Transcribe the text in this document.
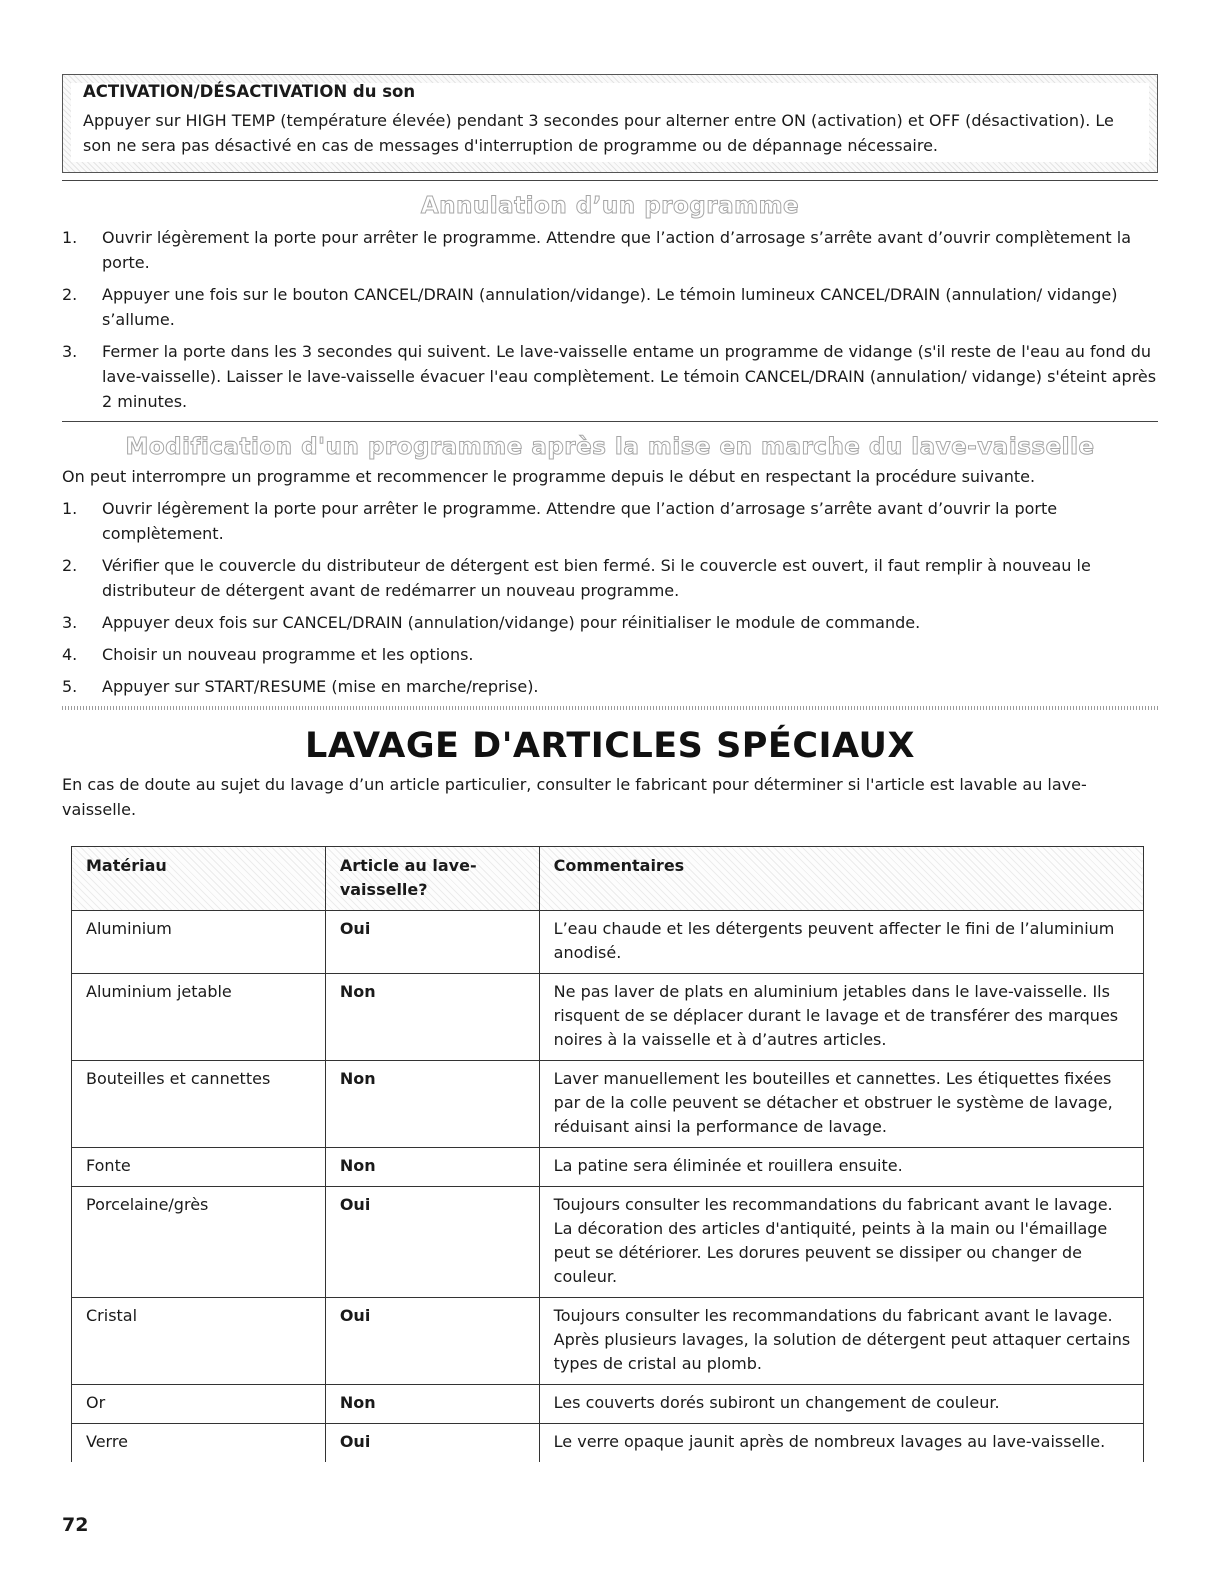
ACTIVATION/DÉSACTIVATION du son
Appuyer sur HIGH TEMP (température élevée) pendant 3 secondes pour alterner entre ON (activation) et OFF (désactivation). Le son ne sera pas désactivé en cas de messages d'interruption de programme ou de dépannage nécessaire.
Annulation d’un programme
1. Ouvrir légèrement la porte pour arrêter le programme. Attendre que l’action d’arrosage s’arrête avant d’ouvrir complètement la porte.
2. Appuyer une fois sur le bouton CANCEL/DRAIN (annulation/vidange). Le témoin lumineux CANCEL/DRAIN (annulation/ vidange) s’allume.
3. Fermer la porte dans les 3 secondes qui suivent. Le lave-vaisselle entame un programme de vidange (s'il reste de l'eau au fond du lave-vaisselle). Laisser le lave-vaisselle évacuer l'eau complètement. Le témoin CANCEL/DRAIN (annulation/ vidange) s'éteint après 2 minutes.
Modification d'un programme après la mise en marche du lave-vaisselle
On peut interrompre un programme et recommencer le programme depuis le début en respectant la procédure suivante.
1. Ouvrir légèrement la porte pour arrêter le programme. Attendre que l’action d’arrosage s’arrête avant d’ouvrir la porte complètement.
2. Vérifier que le couvercle du distributeur de détergent est bien fermé. Si le couvercle est ouvert, il faut remplir à nouveau le distributeur de détergent avant de redémarrer un nouveau programme.
3. Appuyer deux fois sur CANCEL/DRAIN (annulation/vidange) pour réinitialiser le module de commande.
4. Choisir un nouveau programme et les options.
5. Appuyer sur START/RESUME (mise en marche/reprise).
LAVAGE D'ARTICLES SPÉCIAUX
En cas de doute au sujet du lavage d’un article particulier, consulter le fabricant pour déterminer si l'article est lavable au lave-vaisselle.
Matériau	Article au lave-vaisselle?	Commentaires
Aluminium	Oui	L’eau chaude et les détergents peuvent affecter le fini de l’aluminium anodisé.
Aluminium jetable	Non	Ne pas laver de plats en aluminium jetables dans le lave-vaisselle. Ils risquent de se déplacer durant le lavage et de transférer des marques noires à la vaisselle et à d’autres articles.
Bouteilles et cannettes	Non	Laver manuellement les bouteilles et cannettes. Les étiquettes fixées par de la colle peuvent se détacher et obstruer le système de lavage, réduisant ainsi la performance de lavage.
Fonte	Non	La patine sera éliminée et rouillera ensuite.
Porcelaine/grès	Oui	Toujours consulter les recommandations du fabricant avant le lavage. La décoration des articles d'antiquité, peints à la main ou l'émaillage peut se détériorer. Les dorures peuvent se dissiper ou changer de couleur.
Cristal	Oui	Toujours consulter les recommandations du fabricant avant le lavage. Après plusieurs lavages, la solution de détergent peut attaquer certains types de cristal au plomb.
Or	Non	Les couverts dorés subiront un changement de couleur.
Verre	Oui	Le verre opaque jaunit après de nombreux lavages au lave-vaisselle.
72
